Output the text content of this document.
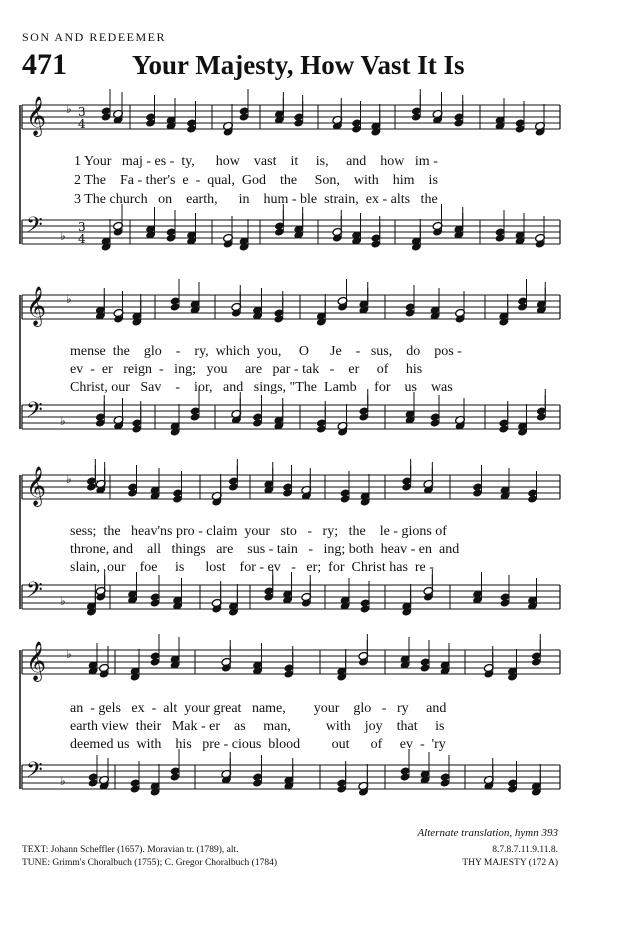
SON AND REDEEMER
471 Your Majesty, How Vast It Is
𝄞 ♭ 3
4
𝄢 ♭
3
4
𝄞 ♭
𝄢 ♭
𝄞 ♭
𝄢 ♭
𝄞 ♭
𝄢 ♭
1 Your   maj - es -  ty,      how    vast    it     is,     and    how   im -
2 The    Fa - ther's  e  -  qual,  God    the     Son,    with    him    is
3 The church   on    earth,      in    hum - ble  strain,  ex - alts   the
mense  the    glo    -    ry,  which  you,     O      Je    -   sus,    do    pos -
ev  -  er   reign  -   ing;   you     are   par - tak   -    er     of     his
Christ, our   Sav    -    ior,   and   sings, "The  Lamb     for    us    was
sess;  the   heav'ns pro - claim  your   sto   -   ry;   the    le - gions of
throne, and    all   things   are    sus - tain   -   ing; both  heav - en  and
slain,  our    foe     is      lost    for - ev   -   er;  for  Christ has  re -
an  - gels   ex  -  alt  your great   name,        your    glo   -   ry     and
earth view  their   Mak - er    as     man,          with    joy    that     is
deemed us  with    his   pre - cious  blood         out      of     ev  -  'ry
Alternate translation, hymn 393
TEXT: Johann Scheffler (1657). Moravian tr. (1789), alt.
TUNE: Grimm's Choralbuch (1755); C. Gregor Choralbuch (1784)
8.7.8.7.11.9.11.8.
THY MAJESTY (172 A)
